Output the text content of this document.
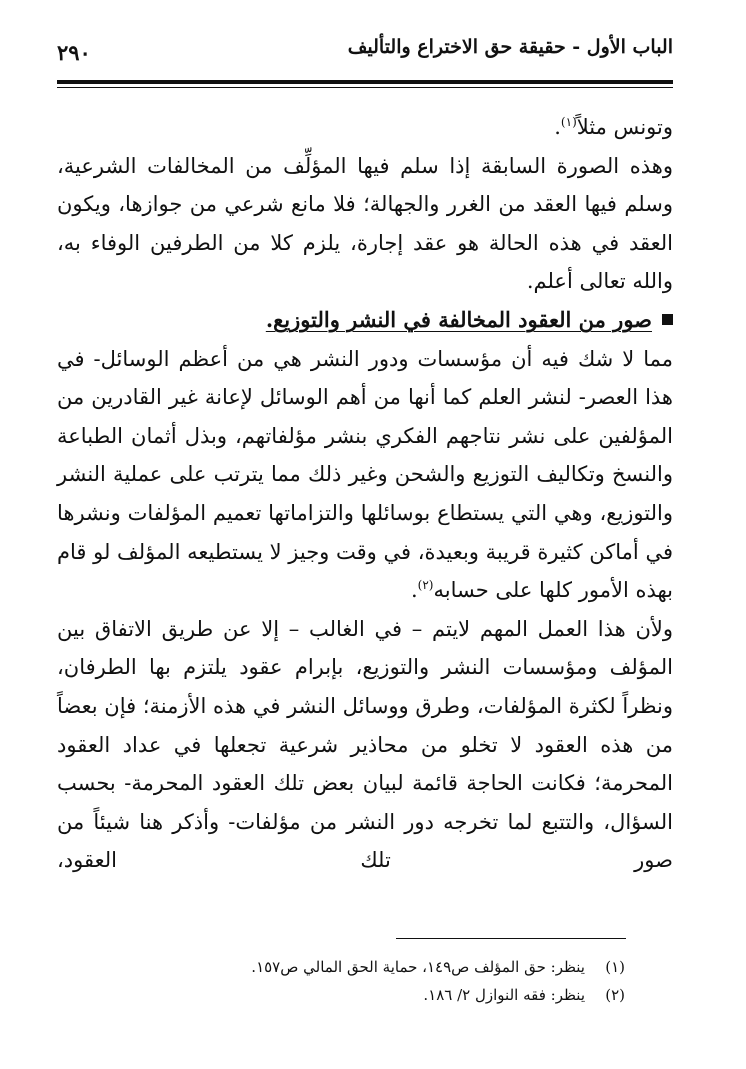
الباب الأول - حقيقة حق الاختراع والتأليف
٢٩٠

وتونس مثلاً$^{(١)}$.

وهذه الصورة السابقة إذا سلم فيها المؤلِّف من المخالفات الشرعية، وسلم فيها العقد من الغرر والجهالة؛ فلا مانع شرعي من جوازها، ويكون العقد في هذه الحالة هو عقد إجارة، يلزم كلا من الطرفين الوفاء به، والله تعالى أعلم.

صور من العقود المخالفة في النشر والتوزيع.

مما لا شك فيه أن مؤسسات ودور النشر هي من أعظم الوسائل- في هذا العصر- لنشر العلم كما أنها من أهم الوسائل لإعانة غير القادرين من المؤلفين على نشر نتاجهم الفكري بنشر مؤلفاتهم، وبذل أثمان الطباعة والنسخ وتكاليف التوزيع والشحن وغير ذلك مما يترتب على عملية النشر والتوزيع، وهي التي يستطاع بوسائلها والتزاماتها تعميم المؤلفات ونشرها في أماكن كثيرة قريبة وبعيدة، في وقت وجيز لا يستطيعه المؤلف لو قام بهذه الأمور كلها على حسابه$^{(٢)}$.

ولأن هذا العمل المهم لايتم – في الغالب – إلا عن طريق الاتفاق بين المؤلف ومؤسسات النشر والتوزيع، بإبرام عقود يلتزم بها الطرفان، ونظراً لكثرة المؤلفات، وطرق ووسائل النشر في هذه الأزمنة؛ فإن بعضاً من هذه العقود لا تخلو من محاذير شرعية تجعلها في عداد العقود المحرمة؛ فكانت الحاجة قائمة لبيان بعض تلك العقود المحرمة- بحسب السؤال، والتتبع لما تخرجه دور النشر من مؤلفات- وأذكر هنا شيئاً من صور تلك العقود،

(١)ينظر: حق المؤلف ص١٤٩، حماية الحق المالي ص١٥٧.
(٢)ينظر: فقه النوازل ٢/ ١٨٦.
